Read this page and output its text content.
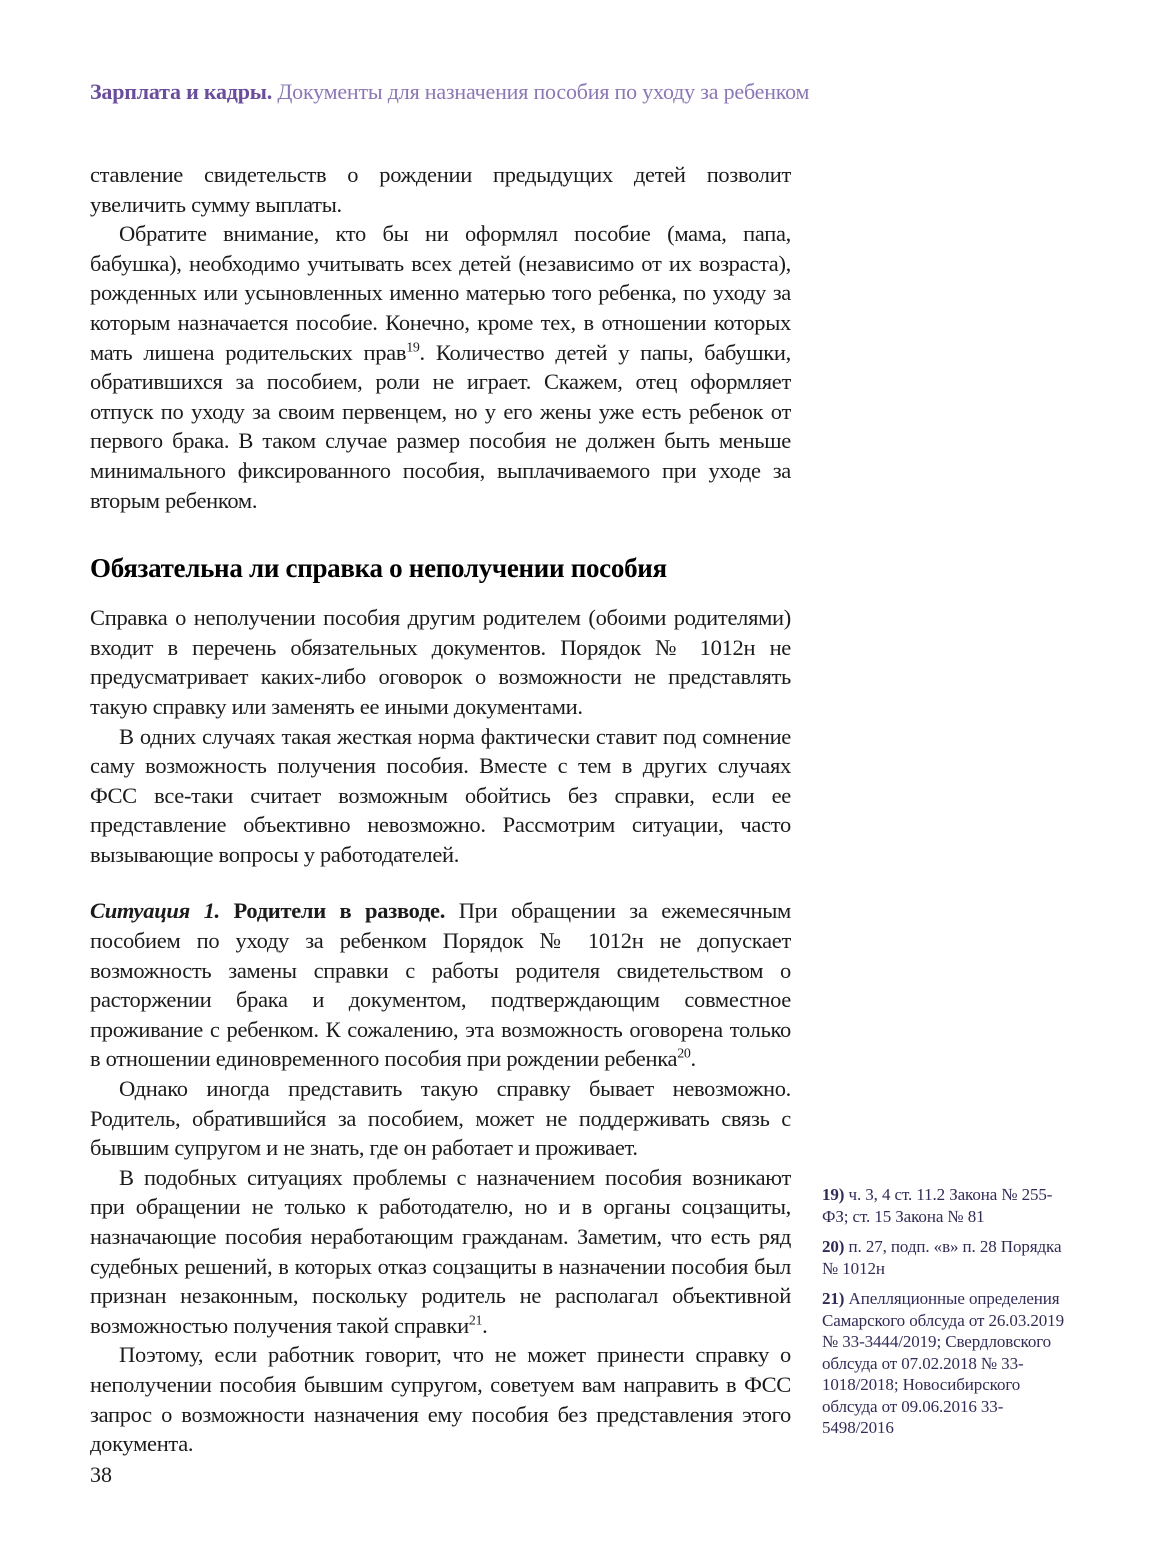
Зарплата и кадры. Документы для назначения пособия по уходу за ребенком

ставление свидетельств о рождении предыдущих детей позволит увеличить сумму выплаты.

Обратите внимание, кто бы ни оформлял пособие (мама, папа, бабушка), необходимо учитывать всех детей (независимо от их возраста), рожденных или усыновленных именно матерью того ребенка, по уходу за которым назначается пособие. Конечно, кроме тех, в отношении которых мать лишена родительских прав$^{19}$. Количество детей у папы, бабушки, обратившихся за пособием, роли не играет. Скажем, отец оформляет отпуск по уходу за своим первенцем, но у его жены уже есть ребенок от первого брака. В таком случае размер пособия не должен быть меньше минимального фиксированного пособия, выплачиваемого при уходе за вторым ребенком.

Обязательна ли справка о неполучении пособия

Справка о неполучении пособия другим родителем (обоими родителями) входит в перечень обязательных документов. Порядок № 1012н не предусматривает каких-либо оговорок о возможности не представлять такую справку или заменять ее иными документами.

В одних случаях такая жесткая норма фактически ставит под сомнение саму возможность получения пособия. Вместе с тем в других случаях ФСС все-таки считает возможным обойтись без справки, если ее представление объективно невозможно. Рассмотрим ситуации, часто вызывающие вопросы у работодателей.

Ситуация 1. Родители в разводе. При обращении за ежемесячным пособием по уходу за ребенком Порядок № 1012н не допускает возможность замены справки с работы родителя свидетельством о расторжении брака и документом, подтверждающим совместное проживание с ребенком. К сожалению, эта возможность оговорена только в отношении единовременного пособия при рождении ребенка$^{20}$.

Однако иногда представить такую справку бывает невозможно. Родитель, обратившийся за пособием, может не поддерживать связь с бывшим супругом и не знать, где он работает и проживает.

В подобных ситуациях проблемы с назначением пособия возникают при обращении не только к работодателю, но и в органы соцзащиты, назначающие пособия неработающим гражданам. Заметим, что есть ряд судебных решений, в которых отказ соцзащиты в назначении пособия был признан незаконным, поскольку родитель не располагал объективной возможностью получения такой справки$^{21}$.

Поэтому, если работник говорит, что не может принести справку о неполучении пособия бывшим супругом, советуем вам направить в ФСС запрос о возможности назначения ему пособия без представления этого документа.

19) ч. 3, 4 ст. 11.2 Закона № 255-ФЗ; ст. 15 Закона № 81
20) п. 27, подп. «в» п. 28 Порядка № 1012н
21) Апелляционные определения Самарского облсуда от 26.03.2019 № 33-3444/2019; Свердловского облсуда от 07.02.2018 № 33-1018/2018; Новосибирского облсуда от 09.06.2016 33-5498/2016
38
